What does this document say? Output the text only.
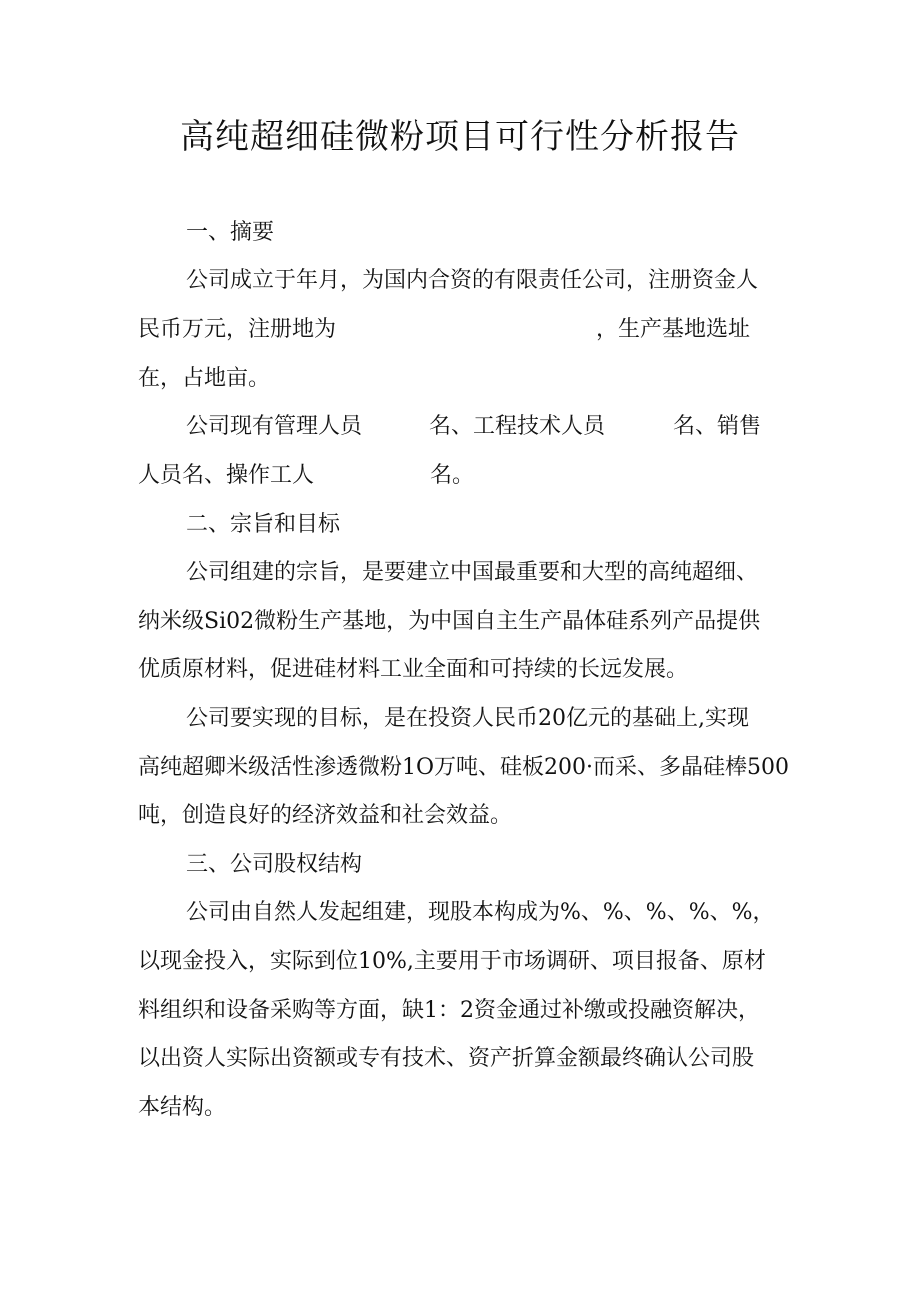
高纯超细硅微粉项目可行性分析报告
一、摘要
公司成立于年月，为国内合资的有限责任公司，注册资金人

民币万元，注册地为

	，生产基地选址

在，占地亩。

公司现有管理人员

	名、工程技术人员

	名、销售

人员名、操作工人

	名。

二、宗旨和目标
公司组建的宗旨，是要建立中国最重要和大型的高纯超细、
纳米级Si02微粉生产基地，为中国自主生产晶体硅系列产品提供
优质原材料，促进硅材料工业全面和可持续的长远发展。
公司要实现的目标，是在投资人民币20亿元的基础上,实现
高纯超卿米级活性渗透微粉1O万吨、硅板200·而采、多晶硅棒500
吨，创造良好的经济效益和社会效益。
三、公司股权结构
公司由自然人发起组建，现股本构成为%、%、%、%、%，
以现金投入，实际到位10%,主要用于市场调研、项目报备、原材
料组织和设备采购等方面，缺1：2资金通过补缴或投融资解决，
以出资人实际出资额或专有技术、资产折算金额最终确认公司股
本结构。
